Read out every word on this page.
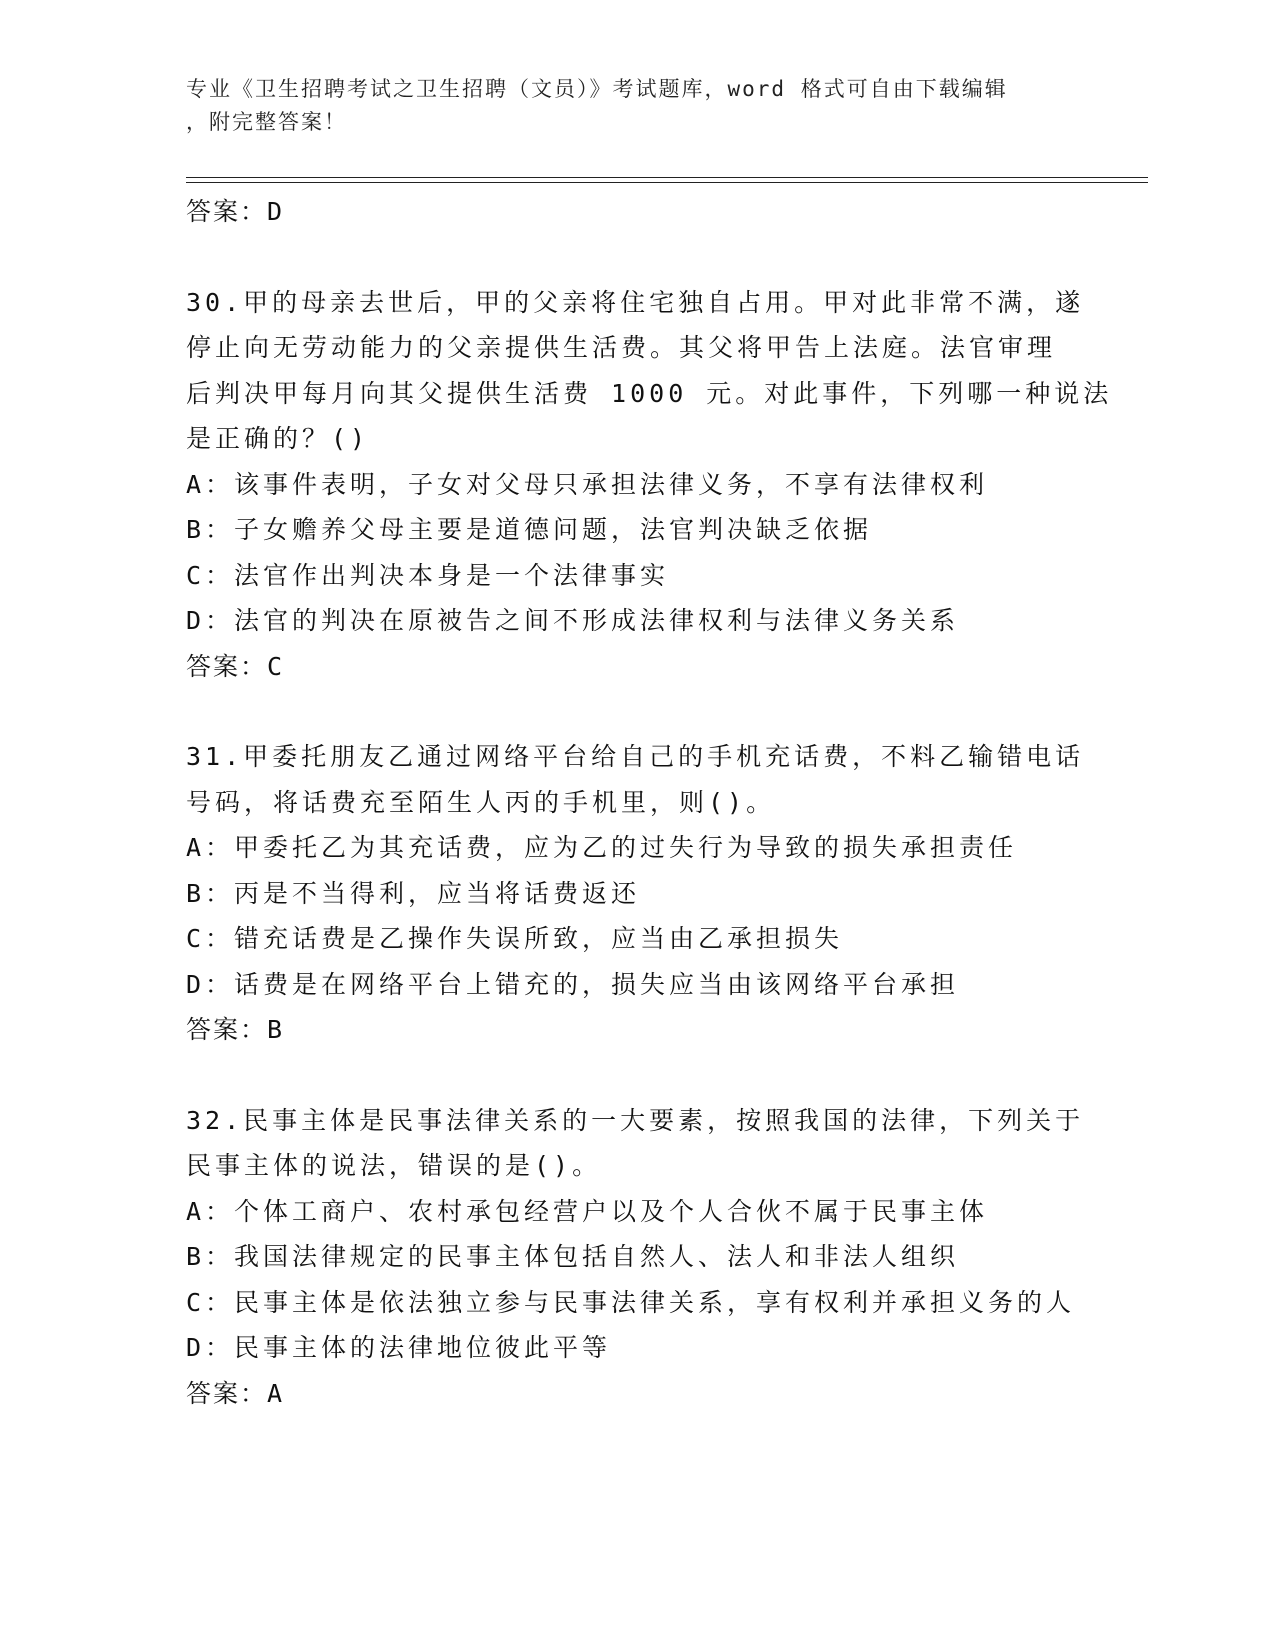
专业《卫生招聘考试之卫生招聘（文员）》考试题库，word 格式可自由下载编辑
，附完整答案！
答案：D
30.甲的母亲去世后，甲的父亲将住宅独自占用。甲对此非常不满，遂
停止向无劳动能力的父亲提供生活费。其父将甲告上法庭。法官审理
后判决甲每月向其父提供生活费 1000 元。对此事件，下列哪一种说法
是正确的？()
A：该事件表明，子女对父母只承担法律义务，不享有法律权利
B：子女赡养父母主要是道德问题，法官判决缺乏依据
C：法官作出判决本身是一个法律事实
D：法官的判决在原被告之间不形成法律权利与法律义务关系
答案：C
31.甲委托朋友乙通过网络平台给自己的手机充话费，不料乙输错电话
号码，将话费充至陌生人丙的手机里，则()。
A：甲委托乙为其充话费，应为乙的过失行为导致的损失承担责任
B：丙是不当得利，应当将话费返还
C：错充话费是乙操作失误所致，应当由乙承担损失
D：话费是在网络平台上错充的，损失应当由该网络平台承担
答案：B
32.民事主体是民事法律关系的一大要素，按照我国的法律，下列关于
民事主体的说法，错误的是()。
A：个体工商户、农村承包经营户以及个人合伙不属于民事主体
B：我国法律规定的民事主体包括自然人、法人和非法人组织
C：民事主体是依法独立参与民事法律关系，享有权利并承担义务的人
D：民事主体的法律地位彼此平等
答案：A
